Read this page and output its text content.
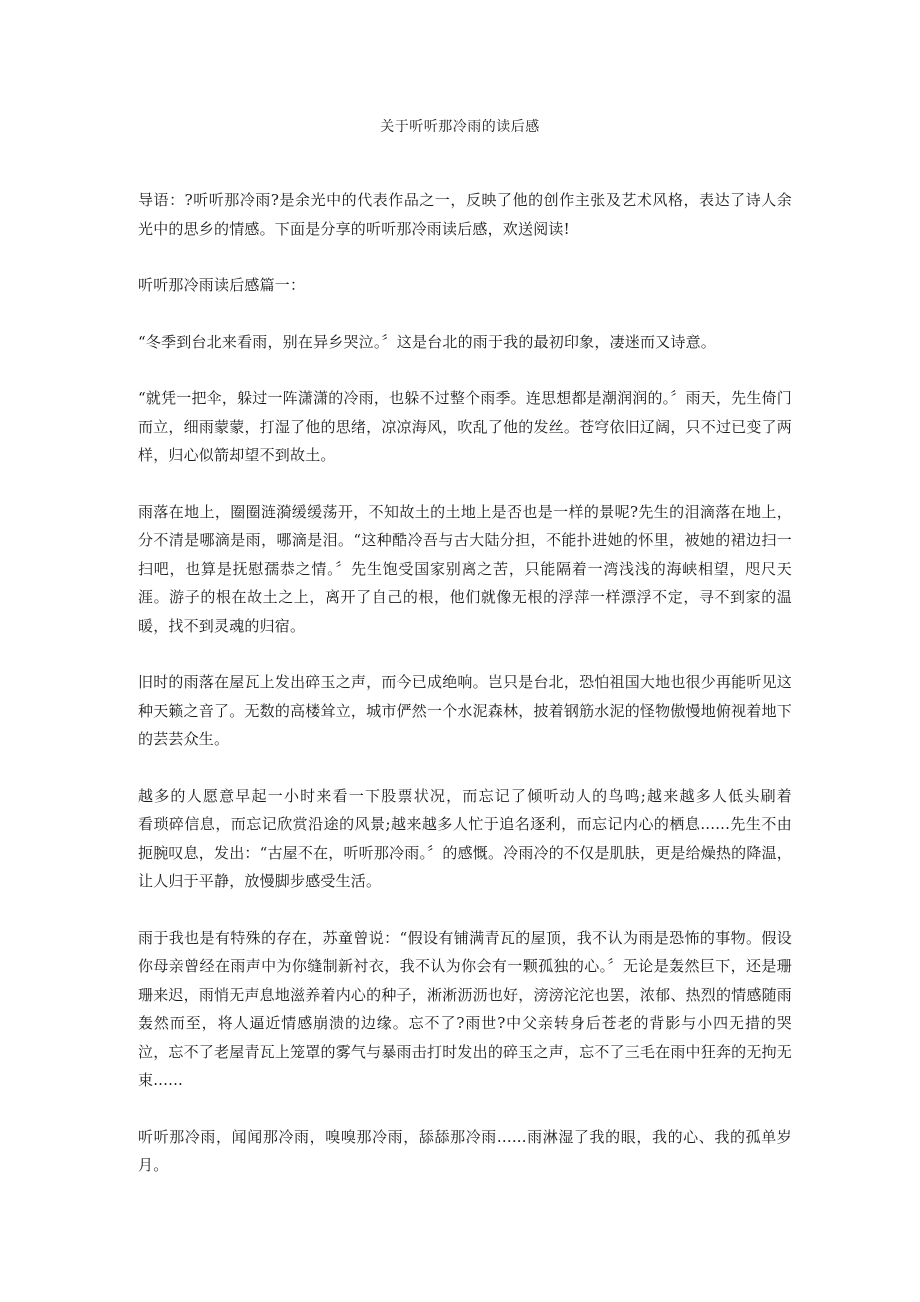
关于听听那冷雨的读后感

导语：?听听那冷雨?是余光中的代表作品之一，反映了他的创作主张及艺术风格，表达了诗人余光中的思乡的情感。下面是分享的听听那冷雨读后感，欢送阅读!

听听那冷雨读后感篇一：

“冬季到台北来看雨，别在异乡哭泣。〞这是台北的雨于我的最初印象，凄迷而又诗意。

“就凭一把伞，躲过一阵潇潇的冷雨，也躲不过整个雨季。连思想都是潮润润的。〞雨天，先生倚门而立，细雨蒙蒙，打湿了他的思绪，凉凉海风，吹乱了他的发丝。苍穹依旧辽阔，只不过已变了两样，归心似箭却望不到故土。

雨落在地上，圈圈涟漪缓缓荡开，不知故土的土地上是否也是一样的景呢?先生的泪滴落在地上，分不清是哪滴是雨，哪滴是泪。“这种酷冷吾与古大陆分担，不能扑进她的怀里，被她的裙边扫一扫吧，也算是抚慰孺恭之情。〞先生饱受国家别离之苦，只能隔着一湾浅浅的海峡相望，咫尺天涯。游子的根在故土之上，离开了自己的根，他们就像无根的浮萍一样漂浮不定，寻不到家的温暖，找不到灵魂的归宿。

旧时的雨落在屋瓦上发出碎玉之声，而今已成绝响。岂只是台北，恐怕祖国大地也很少再能听见这种天籁之音了。无数的高楼耸立，城市俨然一个水泥森林，披着钢筋水泥的怪物傲慢地俯视着地下的芸芸众生。

越多的人愿意早起一小时来看一下股票状况，而忘记了倾听动人的鸟鸣;越来越多人低头刷着　　看琐碎信息，而忘记欣赏沿途的风景;越来越多人忙于追名逐利，而忘记内心的栖息......先生不由扼腕叹息，发出：“古屋不在，听听那冷雨。〞的感慨。冷雨冷的不仅是肌肤，更是给燥热的降温，让人归于平静，放慢脚步感受生活。

雨于我也是有特殊的存在，苏童曾说：“假设有铺满青瓦的屋顶，我不认为雨是恐怖的事物。假设你母亲曾经在雨声中为你缝制新衬衣，我不认为你会有一颗孤独的心。〞无论是轰然巨下，还是珊珊来迟，雨悄无声息地滋养着内心的种子，淅淅沥沥也好，滂滂沱沱也罢，浓郁、热烈的情感随雨轰然而至，将人逼近情感崩溃的边缘。忘不了?雨世?中父亲转身后苍老的背影与小四无措的哭泣，忘不了老屋青瓦上笼罩的雾气与暴雨击打时发出的碎玉之声，忘不了三毛在雨中狂奔的无拘无束......

听听那冷雨，闻闻那冷雨，嗅嗅那冷雨，舔舔那冷雨......雨淋湿了我的眼，我的心、我的孤单岁月。
